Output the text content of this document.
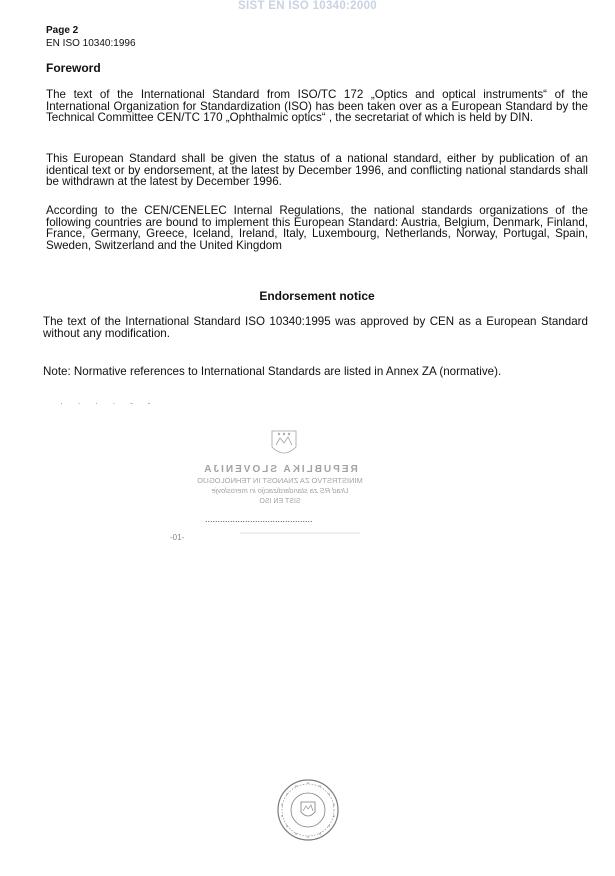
SIST EN ISO 10340:2000
Page 2
EN ISO 10340:1996
Foreword

The text of the International Standard from ISO/TC 172 „Optics and optical instruments“ of the International Organization for Standardization (ISO) has been taken over as a European Standard by the Technical Committee CEN/TC 170 „Ophthalmic optics“ , the secretariat of which is held by DIN.

This European Standard shall be given the status of a national standard, either by publication of an identical text or by endorsement, at the latest by December 1996, and conflicting national standards shall be withdrawn at the latest by December 1996.

According to the CEN/CENELEC Internal Regulations, the national standards organizations of the following countries are bound to implement this European Standard: Austria, Belgium, Denmark, Finland, France, Germany, Greece, Iceland, Ireland, Italy, Luxembourg, Netherlands, Norway, Portugal, Spain, Sweden, Switzerland and the United Kingdom

Endorsement notice

The text of the International Standard ISO 10340:1995 was approved by CEN as a European Standard without any modification.

Note: Normative references to International Standards are listed in Annex ZA (normative).

· · · · - -
REPUBLIKA SLOVENIJA
MINISTRSTVO ZA ZNANOST IN TEHNOLOGIJO
Urad RS za standardizacijo in meroslovje
SIST EN ISO
...........................................
-01-
